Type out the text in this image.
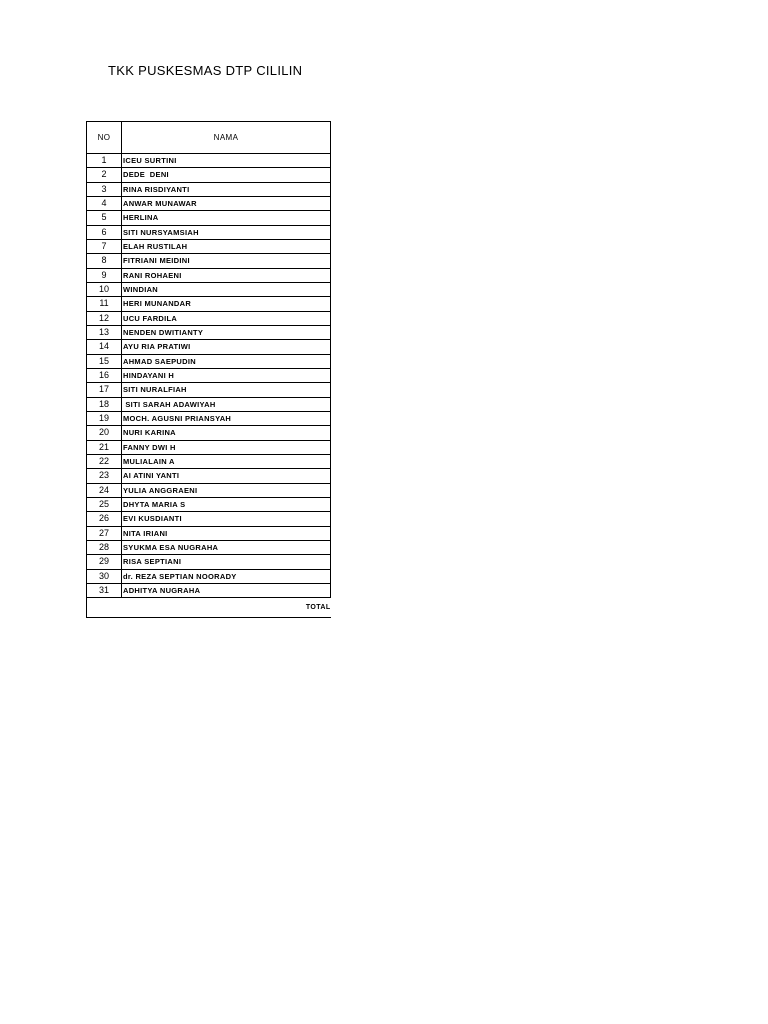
TKK PUSKESMAS DTP CILILIN
NO	NAMA
1	ICEU SURTINI
2	DEDE  DENI
3	RINA RISDIYANTI
4	ANWAR MUNAWAR
5	HERLINA
6	SITI NURSYAMSIAH
7	ELAH RUSTILAH
8	FITRIANI MEIDINI
9	RANI ROHAENI
10	WINDIAN
11	HERI MUNANDAR
12	UCU FARDILA
13	NENDEN DWITIANTY
14	AYU RIA PRATIWI
15	AHMAD SAEPUDIN
16	HINDAYANI H
17	SITI NURALFIAH
18	SITI SARAH ADAWIYAH
19	MOCH. AGUSNI PRIANSYAH
20	NURI KARINA
21	FANNY DWI H
22	MULIALAIN A
23	AI ATINI YANTI
24	YULIA ANGGRAENI
25	DHYTA MARIA S
26	EVI KUSDIANTI
27	NITA IRIANI
28	SYUKMA ESA NUGRAHA
29	RISA SEPTIANI
30	dr. REZA SEPTIAN NOORADY
31	ADHITYA NUGRAHA
TOTAL	
